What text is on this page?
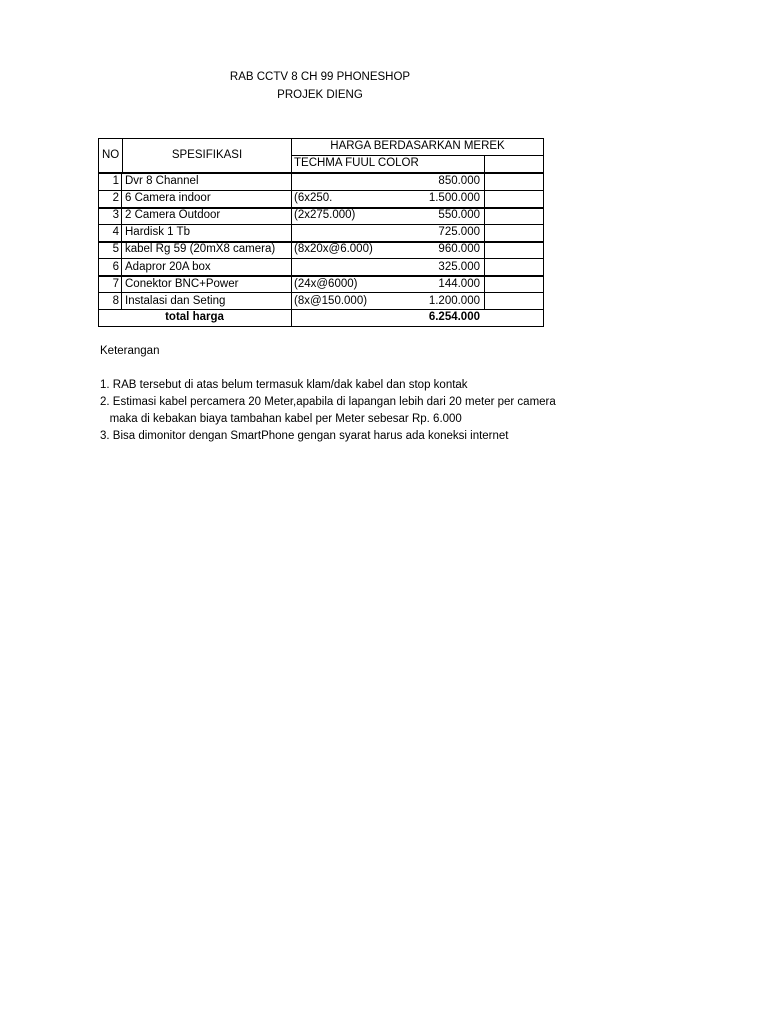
RAB CCTV 8 CH 99 PHONESHOP
PROJEK DIENG
NO	SPESIFIKASI
HARGA BERDASARKAN MEREK
TECHMA FUUL COLOR
1 Dvr 8 Channel	850.000
2 6 Camera indoor	(6x250.	1.500.000
3 2 Camera Outdoor	(2x275.000)	550.000
4 Hardisk 1 Tb	725.000
5 kabel Rg 59 (20mX8 camera) (8x20x@6.000)	960.000
6 Adapror 20A box	325.000
7 Conektor BNC+Power	(24x@6000)	144.000
8 Instalasi dan Seting	(8x@150.000)	1.200.000
total harga	6.254.000
Keterangan
1. RAB tersebut di atas belum termasuk klam/dak kabel dan stop kontak
2. Estimasi kabel percamera 20 Meter,apabila di lapangan lebih dari 20 meter per camera
maka di kebakan biaya tambahan kabel per Meter sebesar Rp. 6.000
3. Bisa dimonitor dengan SmartPhone gengan syarat harus ada koneksi internet
